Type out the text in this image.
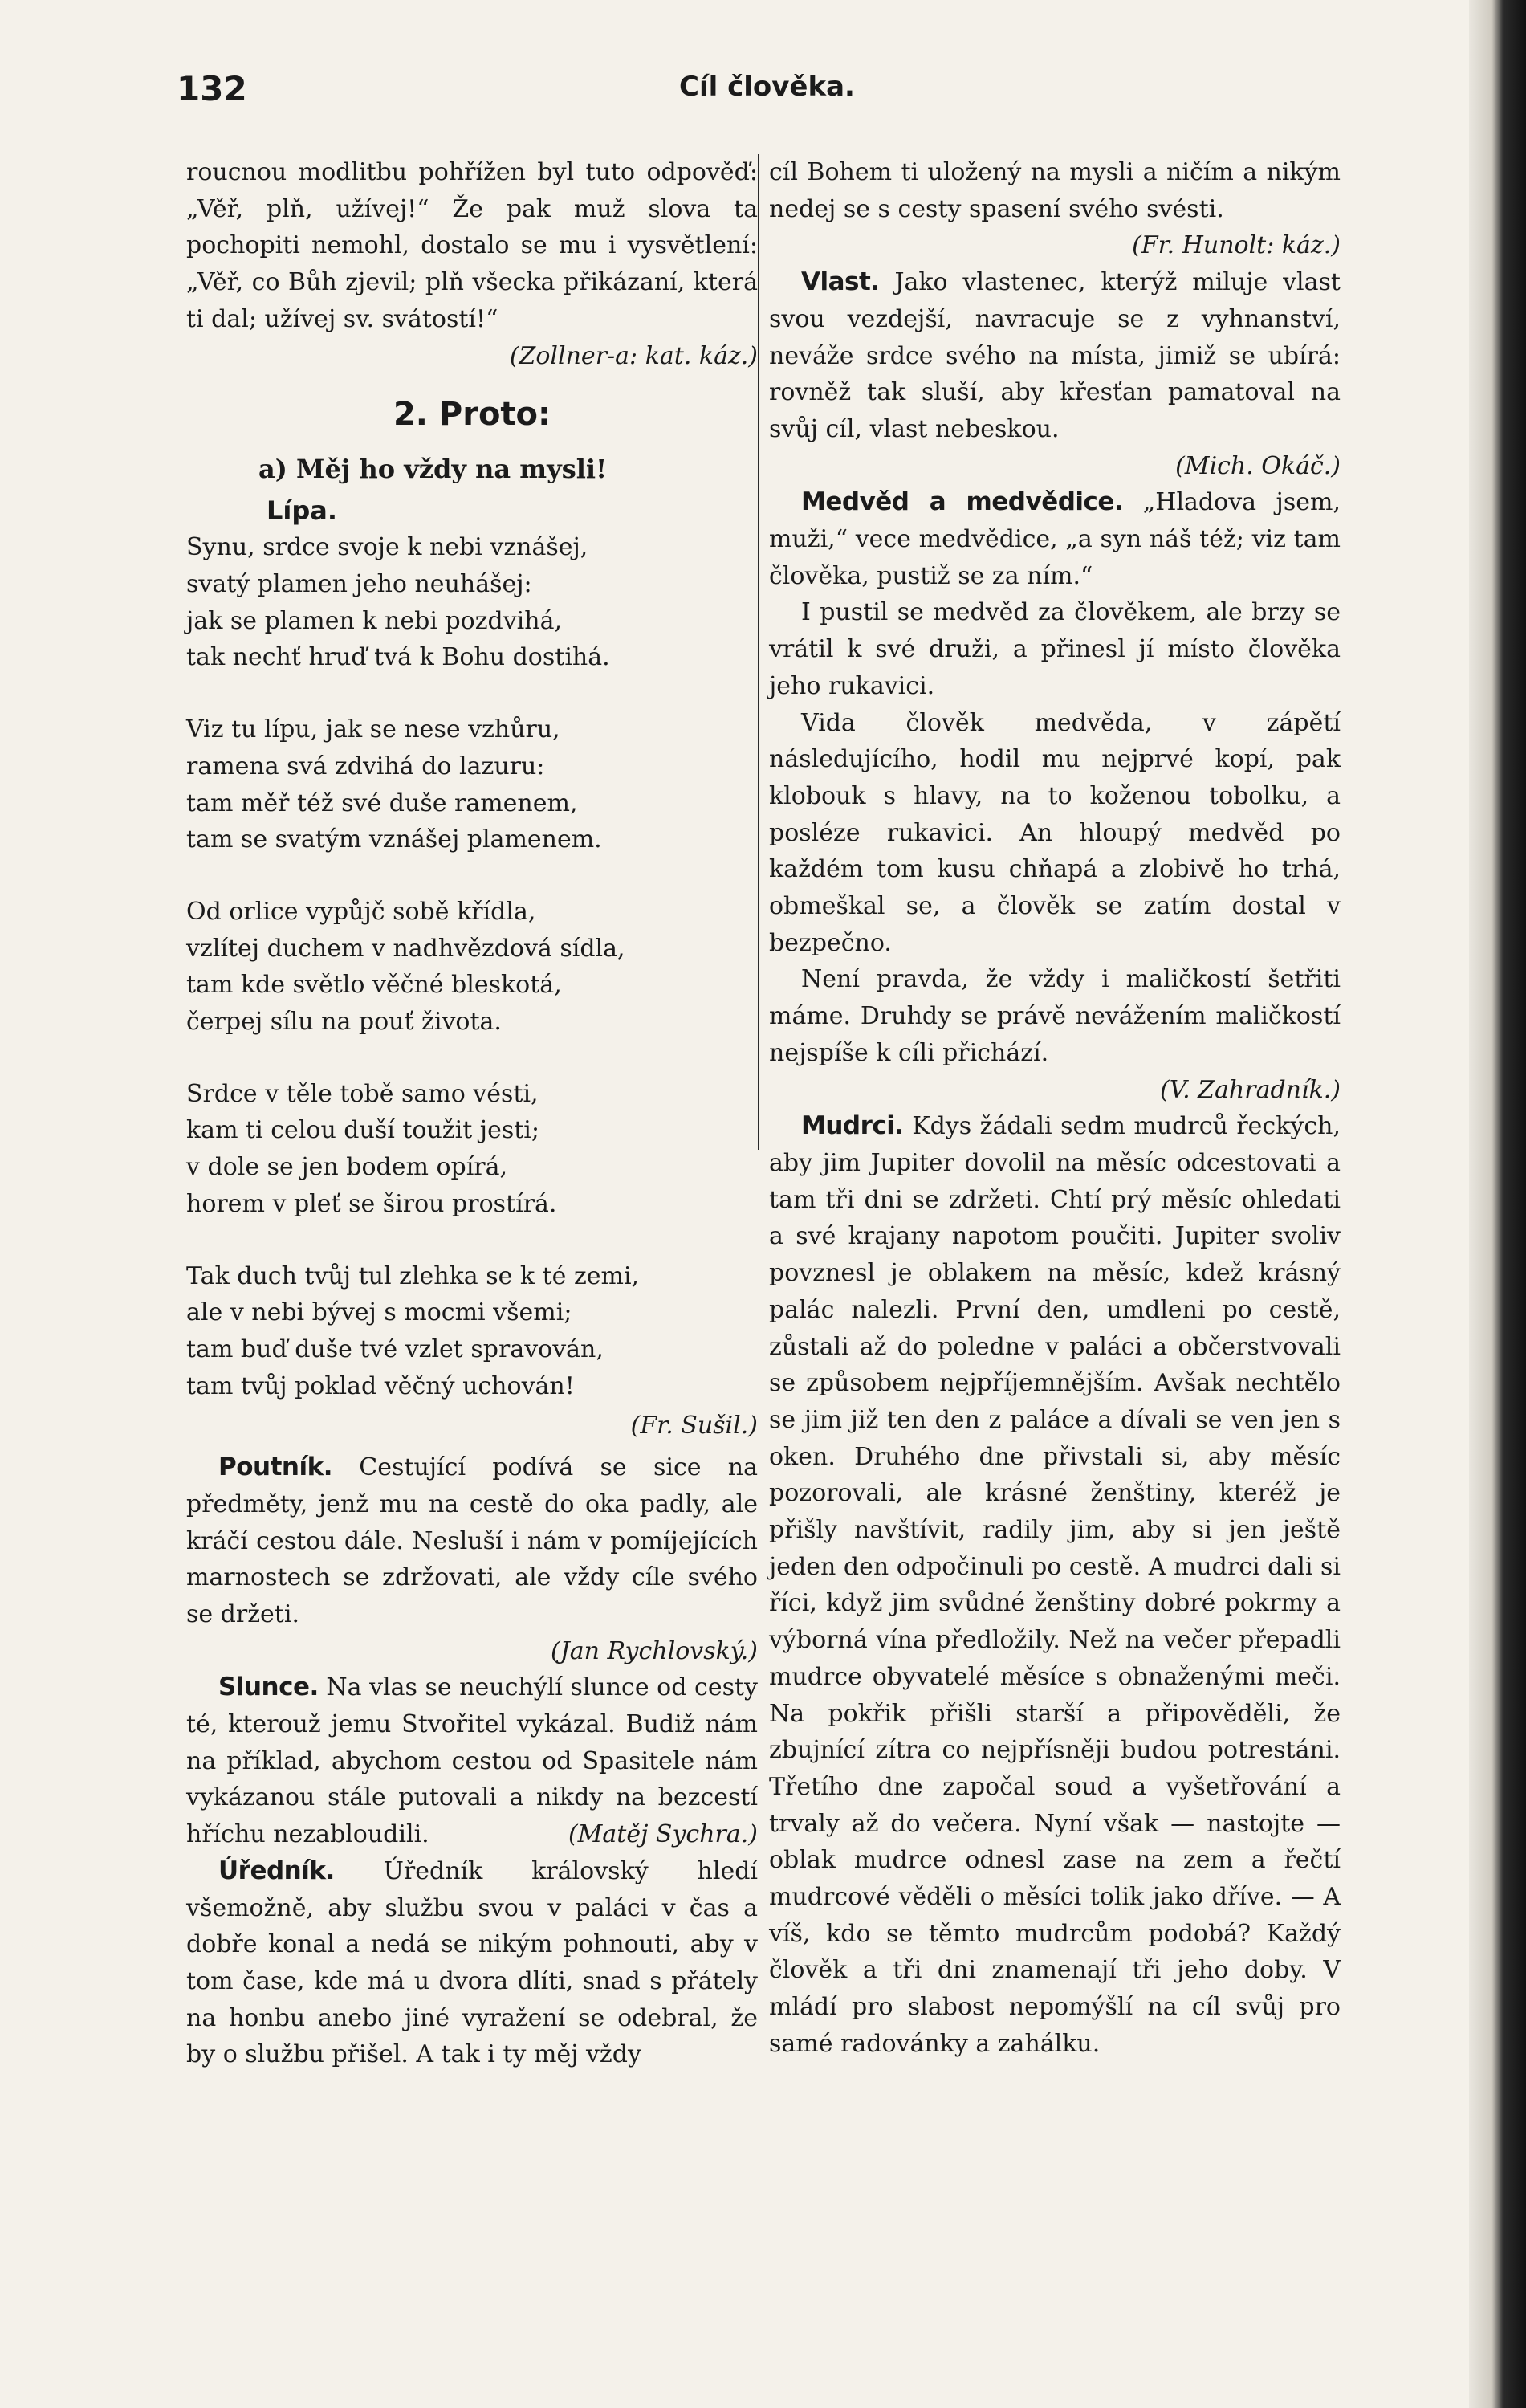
132	Cíl člověka.

roucnou modlitbu pohřížen byl tuto odpověď: „Věř, plň, užívej!“ Že pak muž slova ta pochopiti nemohl, dostalo se mu i vysvětlení: „Věř, co Bůh zjevil; plň všecka přikázaní, která ti dal; užívej sv. svátostí!“

(Zollner-a: kat. káz.)

2. Proto:
a) Měj ho vždy na mysli!
Lípa.
Synu, srdce svoje k nebi vznášej,
svatý plamen jeho neuhášej:
jak se plamen k nebi pozdvihá,
tak nechť hruď tvá k Bohu dostihá.
Viz tu lípu, jak se nese vzhůru,
ramena svá zdvihá do lazuru:
tam měř též své duše ramenem,
tam se svatým vznášej plamenem.
Od orlice vypůjč sobě křídla,
vzlítej duchem v nadhvězdová sídla,
tam kde světlo věčné bleskotá,
čerpej sílu na pouť života.
Srdce v těle tobě samo vésti,
kam ti celou duší toužit jesti;
v dole se jen bodem opírá,
horem v pleť se širou prostírá.
Tak duch tvůj tul zlehka se k té zemi,
ale v nebi bývej s mocmi všemi;
tam buď duše tvé vzlet spravován,
tam tvůj poklad věčný uchován!

(Fr. Sušil.)

Poutník. Cestující podívá se sice na předměty, jenž mu na cestě do oka padly, ale kráčí cestou dále. Nesluší i nám v pomíjejících marnostech se zdržovati, ale vždy cíle svého se držeti.

(Jan Rychlovský.)

Slunce. Na vlas se neuchýlí slunce od cesty té, kterouž jemu Stvořitel vykázal. Budiž nám na příklad, abychom cestou od Spasitele nám vykázanou stále putovali a nikdy na bezcestí hříchu nezabloudili.	(Matěj Sychra.)

Úředník. Úředník královský hledí všemožně, aby službu svou v paláci v čas a dobře konal a nedá se nikým pohnouti, aby v tom čase, kde má u dvora dlíti, snad s přátely na honbu anebo jiné vyražení se odebral, že by o službu přišel. A tak i ty měj vždy

cíl Bohem ti uložený na mysli a ničím a nikým nedej se s cesty spasení svého svésti.

(Fr. Hunolt: káz.)

Vlast. Jako vlastenec, kterýž miluje vlast svou vezdejší, navracuje se z vyhnanství, neváže srdce svého na místa, jimiž se ubírá: rovněž tak sluší, aby křesťan pamatoval na svůj cíl, vlast nebeskou.

(Mich. Okáč.)

Medvěd a medvědice. „Hladova jsem, muži,“ vece medvědice, „a syn náš též; viz tam člověka, pustiž se za ním.“

I pustil se medvěd za člověkem, ale brzy se vrátil k své druži, a přinesl jí místo člověka jeho rukavici.

Vida člověk medvěda, v zápětí následujícího, hodil mu nejprvé kopí, pak klobouk s hlavy, na to koženou tobolku, a posléze rukavici. An hloupý medvěd po každém tom kusu chňapá a zlobivě ho trhá, obmeškal se, a člověk se zatím dostal v bezpečno.

Není pravda, že vždy i maličkostí šetřiti máme. Druhdy se právě nevážením maličkostí nejspíše k cíli přichází.

(V. Zahradník.)

Mudrci. Kdys žádali sedm mudrců řeckých, aby jim Jupiter dovolil na měsíc odcestovati a tam tři dni se zdržeti. Chtí prý měsíc ohledati a své krajany napotom poučiti. Jupiter svoliv povznesl je oblakem na měsíc, kdež krásný palác nalezli. První den, umdleni po cestě, zůstali až do poledne v paláci a občerstvovali se způsobem nejpříjemnějším. Avšak nechtělo se jim již ten den z paláce a dívali se ven jen s oken. Druhého dne přivstali si, aby měsíc pozorovali, ale krásné ženštiny, kteréž je přišly navštívit, radily jim, aby si jen ještě jeden den odpočinuli po cestě. A mudrci dali si říci, když jim svůdné ženštiny dobré pokrmy a výborná vína předložily. Než na večer přepadli mudrce obyvatelé měsíce s obnaženými meči. Na pokřik přišli starší a připověděli, že zbujnící zítra co nejpřísněji budou potrestáni. Třetího dne započal soud a vyšetřování a trvaly až do večera. Nyní však — nastojte — oblak mudrce odnesl zase na zem a řečtí mudrcové věděli o měsíci tolik jako dříve. — A víš, kdo se těmto mudrcům podobá? Každý člověk a tři dni znamenají tři jeho doby. V mládí pro slabost nepomýšlí na cíl svůj pro samé radovánky a zahálku.
